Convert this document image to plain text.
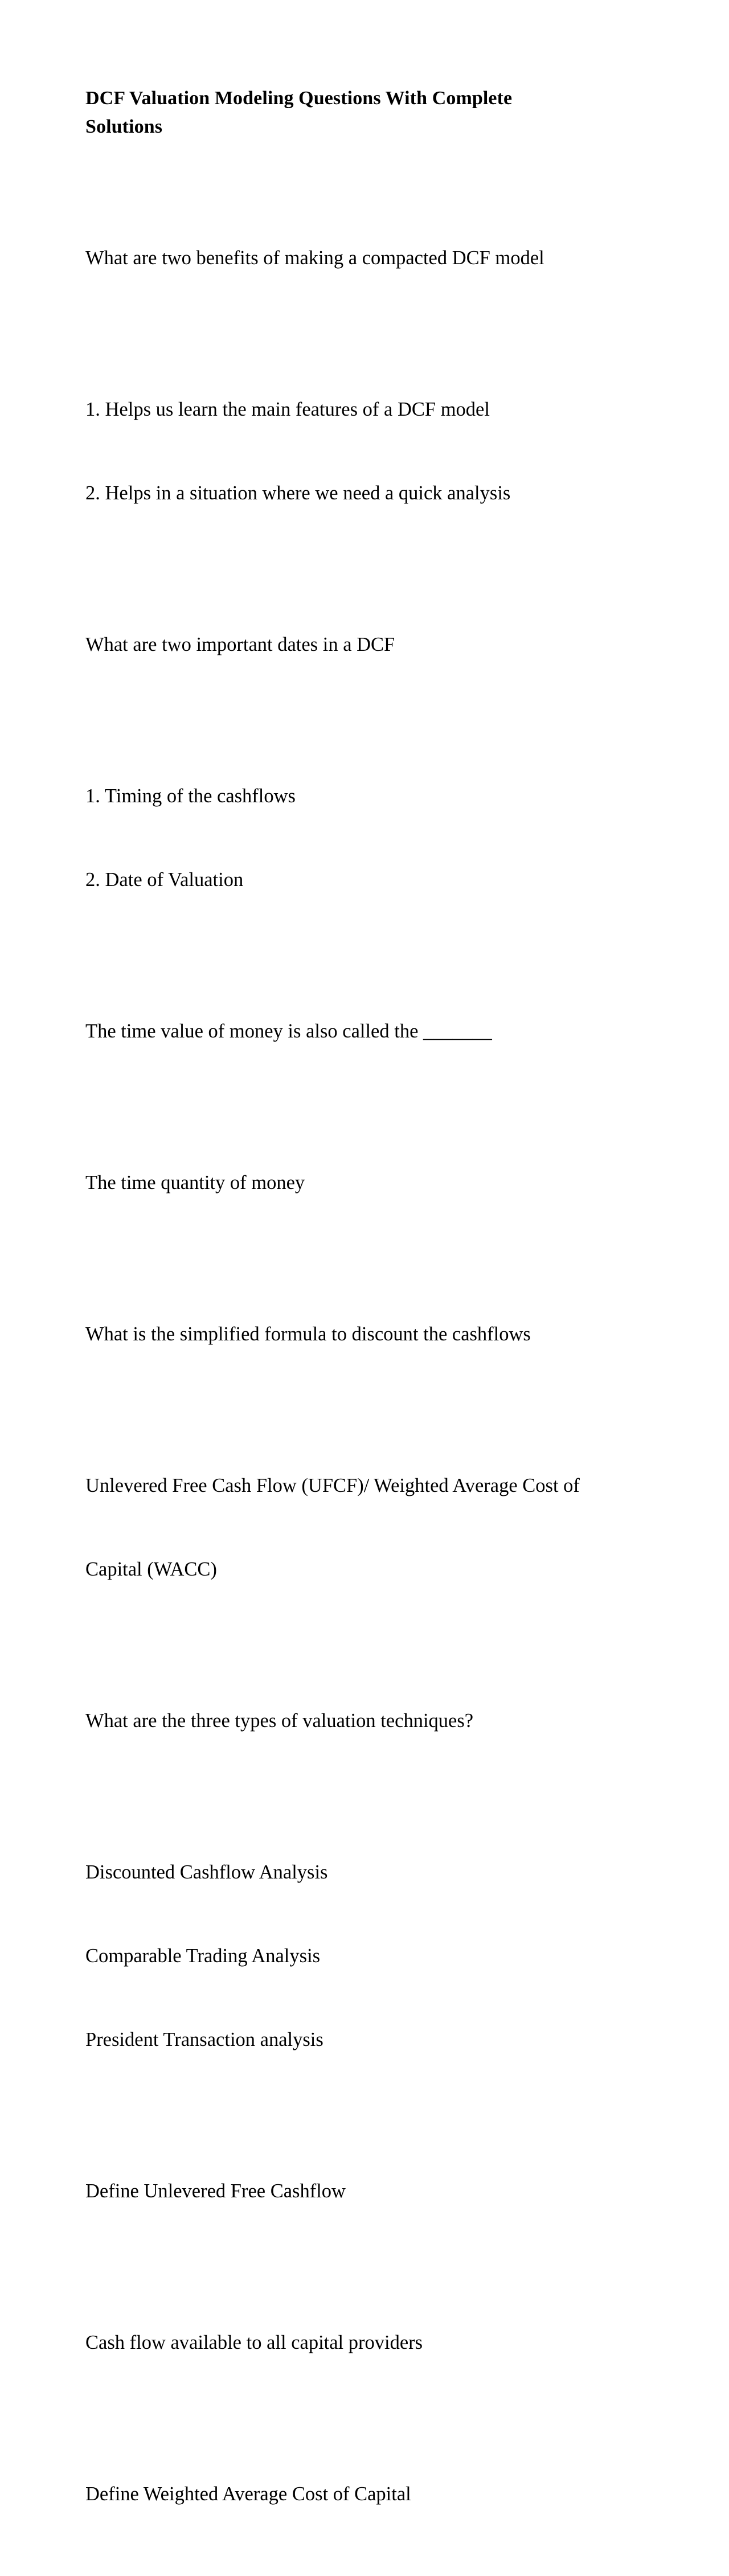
DCF Valuation Modeling Questions With Complete
Solutions

What are two benefits of making a compacted DCF model

1. Helps us learn the main features of a DCF model

2. Helps in a situation where we need a quick analysis

What are two important dates in a DCF

1. Timing of the cashflows

2. Date of Valuation

The time value of money is also called the _______

The time quantity of money

What is the simplified formula to discount the cashflows

Unlevered Free Cash Flow (UFCF)/ Weighted Average Cost of

Capital (WACC)

What are the three types of valuation techniques?

Discounted Cashflow Analysis

Comparable Trading Analysis

President Transaction analysis

Define Unlevered Free Cashflow

Cash flow available to all capital providers

Define Weighted Average Cost of Capital
